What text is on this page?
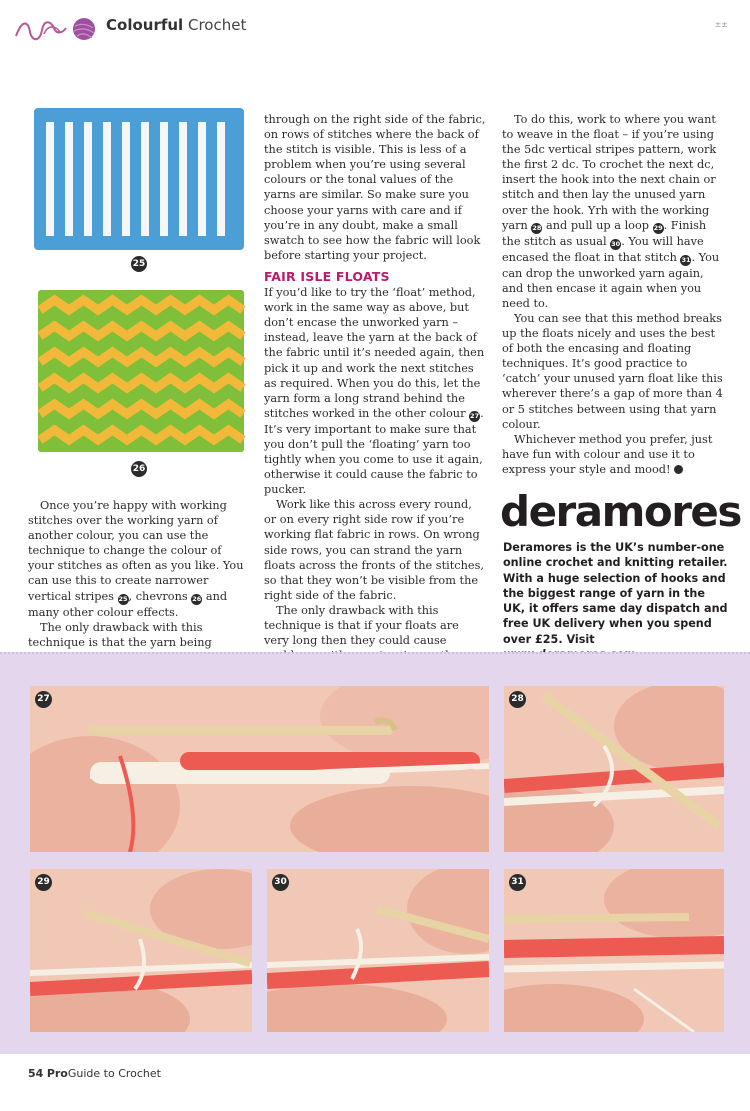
Colourful Crochet	±±
25
26

Once you’re happy with working stitches over the working yarn of another colour, you can use the technique to change the colour of your stitches as often as you like. You can use this to create narrower vertical stripes 25, chevrons 26 and many other colour effects.

The only drawback with this technique is that the yarn being

through on the right side of the fabric, on rows of stitches where the back of the stitch is visible. This is less of a problem when you’re using several colours or the tonal values of the yarns are similar. So make sure you choose your yarns with care and if you’re in any doubt, make a small swatch to see how the fabric will look before starting your project.

FAIR ISLE FLOATS

If you’d like to try the ‘float’ method, work in the same way as above, but don’t encase the unworked yarn – instead, leave the yarn at the back of the fabric until it’s needed again, then pick it up and work the next stitches as required. When you do this, let the yarn form a long strand behind the stitches worked in the other colour 27. It’s very important to make sure that you don’t pull the ‘floating’ yarn too tightly when you come to use it again, otherwise it could cause the fabric to pucker.

Work like this across every round, or on every right side row if you’re working flat fabric in rows. On wrong side rows, you can strand the yarn floats across the fronts of the stitches, so that they won’t be visible from the right side of the fabric.

The only drawback with this technique is that if your floats are very long then they could cause

To do this, work to where you want to weave in the float – if you’re using the 5dc vertical stripes pattern, work the first 2 dc. To crochet the next dc, insert the hook into the next chain or stitch and then lay the unused yarn over the hook. Yrh with the working yarn 28 and pull up a loop 29. Finish the stitch as usual 30. You will have encased the float in that stitch 31. You can drop the unworked yarn again, and then encase it again when you need to.

You can see that this method breaks up the floats nicely and uses the best of both the encasing and floating techniques. It’s good practice to ‘catch’ your unused yarn float like this wherever there’s a gap of more than 4 or 5 stitches between using that yarn colour.

Whichever method you prefer, just have fun with colour and use it to express your style and mood!

deramores
Deramores is the UK’s number-one online crochet and knitting retailer. With a huge selection of hooks and the biggest range of yarn in the UK, it offers same day dispatch and free UK delivery when you spend over £25. Visit
27	28
29	30	31
54 ProGuide to Crochet
